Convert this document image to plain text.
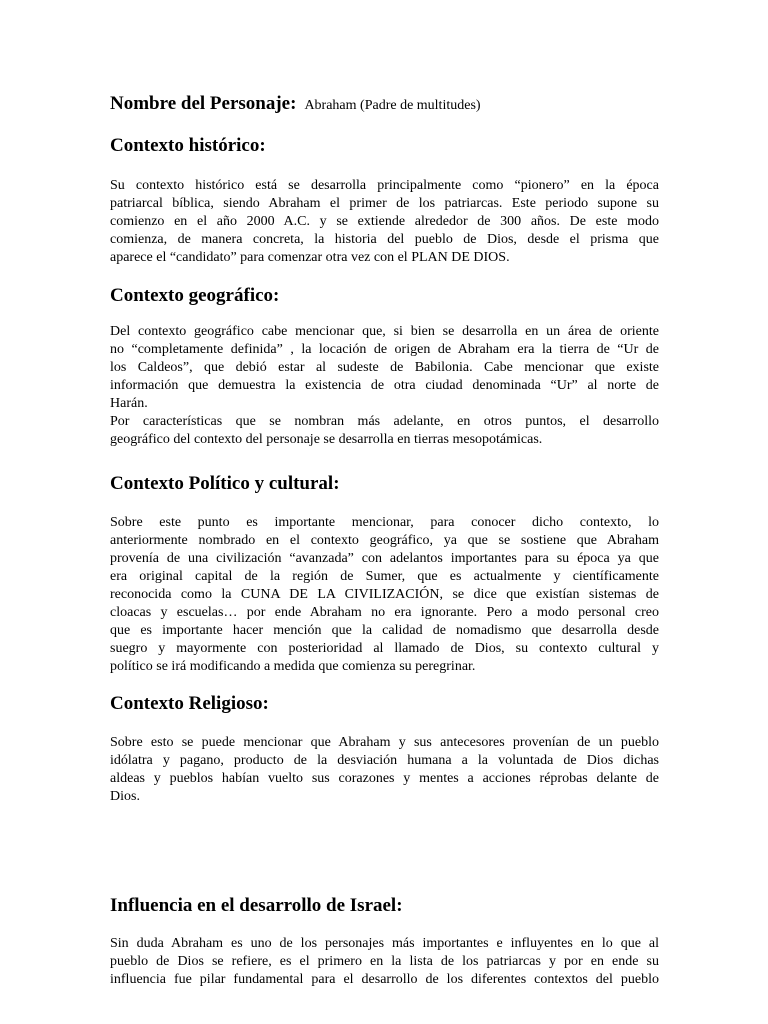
Nombre del Personaje: Abraham (Padre de multitudes)
Contexto histórico:
Su contexto histórico está se desarrolla principalmente como “pionero” en la época
patriarcal bíblica, siendo Abraham el primer de los patriarcas. Este periodo supone su
comienzo en el año 2000 A.C. y se extiende alrededor de 300 años. De este modo
comienza, de manera concreta, la historia del pueblo de Dios, desde el prisma que
aparece el “candidato” para comenzar otra vez con el PLAN DE DIOS.
Contexto geográfico:
Del contexto geográfico cabe mencionar que, si bien se desarrolla en un área de oriente
no “completamente definida” , la locación de origen de Abraham era la tierra de “Ur de
los Caldeos”, que debió estar al sudeste de Babilonia. Cabe mencionar que existe
información que demuestra la existencia de otra ciudad denominada “Ur” al norte de
Harán.
Por características que se nombran más adelante, en otros puntos, el desarrollo
geográfico del contexto del personaje se desarrolla en tierras mesopotámicas.
Contexto Político y cultural:
Sobre este punto es importante mencionar, para conocer dicho contexto, lo
anteriormente nombrado en el contexto geográfico, ya que se sostiene que Abraham
provenía de una civilización “avanzada” con adelantos importantes para su época ya que
era original capital de la región de Sumer, que es actualmente y científicamente
reconocida como la CUNA DE LA CIVILIZACIÓN, se dice que existían sistemas de
cloacas y escuelas… por ende Abraham no era ignorante. Pero a modo personal creo
que es importante hacer mención que la calidad de nomadismo que desarrolla desde
suegro y mayormente con posterioridad al llamado de Dios, su contexto cultural y
político se irá modificando a medida que comienza su peregrinar.
Contexto Religioso:
Sobre esto se puede mencionar que Abraham y sus antecesores provenían de un pueblo
idólatra y pagano, producto de la desviación humana a la voluntada de Dios dichas
aldeas y pueblos habían vuelto sus corazones y mentes a acciones réprobas delante de
Dios.
Influencia en el desarrollo de Israel:
Sin duda Abraham es uno de los personajes más importantes e influyentes en lo que al
pueblo de Dios se refiere, es el primero en la lista de los patriarcas y por en ende su
influencia fue pilar fundamental para el desarrollo de los diferentes contextos del pueblo
